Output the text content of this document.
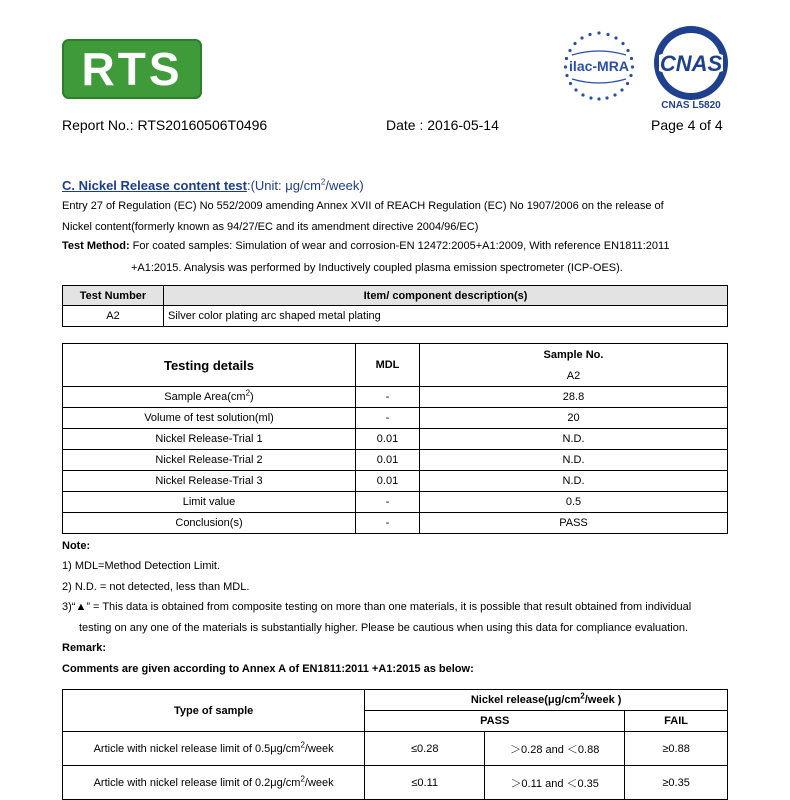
RTS	ilac-MRA CNAS
CNAS L5820
Report No.: RTS20160506T0496	Date : 2016-05-14	Page 4 of 4
C. Nickel Release content test:(Unit: $\mu g/cm^2/week$)
Entry 27 of Regulation (EC) No 552/2009 amending Annex XVII of REACH Regulation (EC) No 1907/2006 on the release of
Nickel content(formerly known as 94/27/EC and its amendment directive 2004/96/EC)
Test Method: For coated samples: Simulation of wear and corrosion-EN 12472:2005+A1:2009, With reference EN1811:2011
+A1:2015. Analysis was performed by Inductively coupled plasma emission spectrometer (ICP-OES).
Test Number	Item/ component description(s)
A2	Silver color plating arc shaped metal plating
Testing details	MDL	Sample No.
		A2
Sample $Area(cm^2)$	-	28.8
Volume of test solution(ml)	-	20
Nickel Release-Trial 1	0.01	N.D.
Nickel Release-Trial 2	0.01	N.D.
Nickel Release-Trial 3	0.01	N.D.
Limit value	-	0.5
Conclusion(s)	-	PASS
Note:
1) MDL=Method Detection Limit.
2) N.D. = not detected, less than MDL.
3)“▲” = This data is obtained from composite testing on more than one materials, it is possible that result obtained from individual
testing on any one of the materials is substantially higher. Please be cautious when using this data for compliance evaluation.
Remark:
Comments are given according to Annex A of EN1811:2011 +A1:2015 as below:
Type of sample	Nickel $release(\mu g/cm^2$/week )		
	PASS		FAIL
Article with nickel release limit of $0.5\mu g/cm^2$/week	≤0.28	＞0.28 and ＜0.88	≥0.88
Article with nickel release limit of $0.2\mu g/cm^2$/week	≤0.11	＞0.11 and ＜0.35	≥0.35
